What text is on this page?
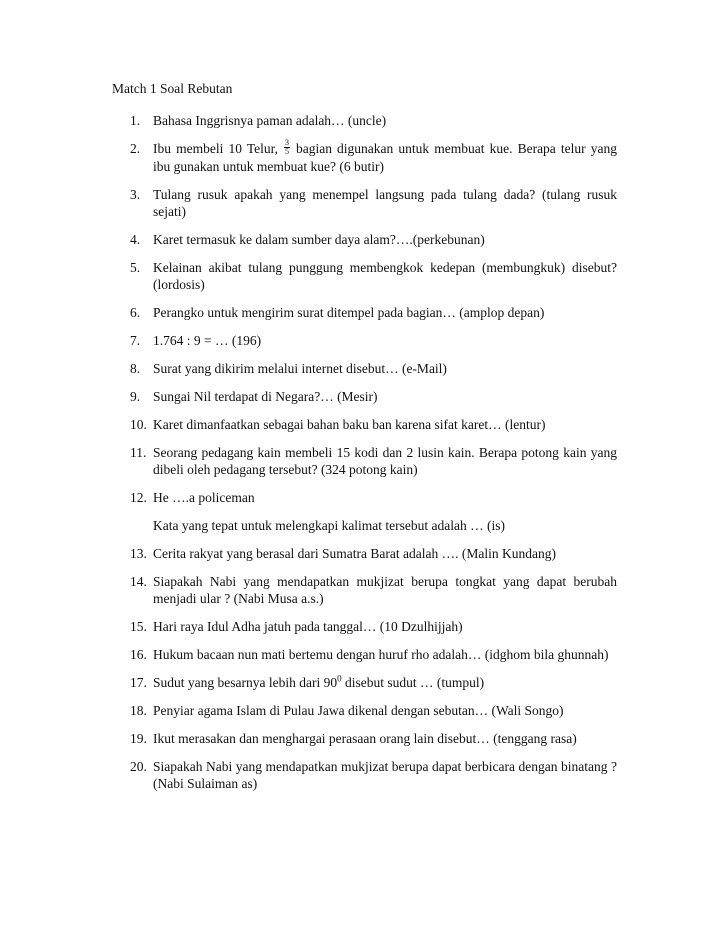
Match 1 Soal Rebutan
1. Bahasa Inggrisnya paman adalah… (uncle)
2. Ibu membeli 10 Telur, $\frac{3}{5}$ bagian digunakan untuk membuat kue. Berapa telur yang ibu gunakan untuk membuat kue? (6 butir)
3. Tulang rusuk apakah yang menempel langsung pada tulang dada? (tulang rusuk sejati)
4. Karet termasuk ke dalam sumber daya alam?….(perkebunan)
5. Kelainan akibat tulang punggung membengkok kedepan (membungkuk) disebut? (lordosis)
6. Perangko untuk mengirim surat ditempel pada bagian… (amplop depan)
7. 1.764 : 9 = … (196)
8. Surat yang dikirim melalui internet disebut… (e-Mail)
9. Sungai Nil terdapat di Negara?… (Mesir)
10. Karet dimanfaatkan sebagai bahan baku ban karena sifat karet… (lentur)
11. Seorang pedagang kain membeli 15 kodi dan 2 lusin kain. Berapa potong kain yang dibeli oleh pedagang tersebut? (324 potong kain)
12. He ….a policeman
Kata yang tepat untuk melengkapi kalimat tersebut adalah … (is)
13. Cerita rakyat yang berasal dari Sumatra Barat adalah …. (Malin Kundang)
14. Siapakah Nabi yang mendapatkan mukjizat berupa tongkat yang dapat berubah menjadi ular ? (Nabi Musa a.s.)
15. Hari raya Idul Adha jatuh pada tanggal… (10 Dzulhijjah)
16. Hukum bacaan nun mati bertemu dengan huruf rho adalah… (idghom bila ghunnah)
17. Sudut yang besarnya lebih dari $90^0$ disebut sudut … (tumpul)
18. Penyiar agama Islam di Pulau Jawa dikenal dengan sebutan… (Wali Songo)
19. Ikut merasakan dan menghargai perasaan orang lain disebut… (tenggang rasa)
20. Siapakah Nabi yang mendapatkan mukjizat berupa dapat berbicara dengan binatang ? (Nabi Sulaiman as)
